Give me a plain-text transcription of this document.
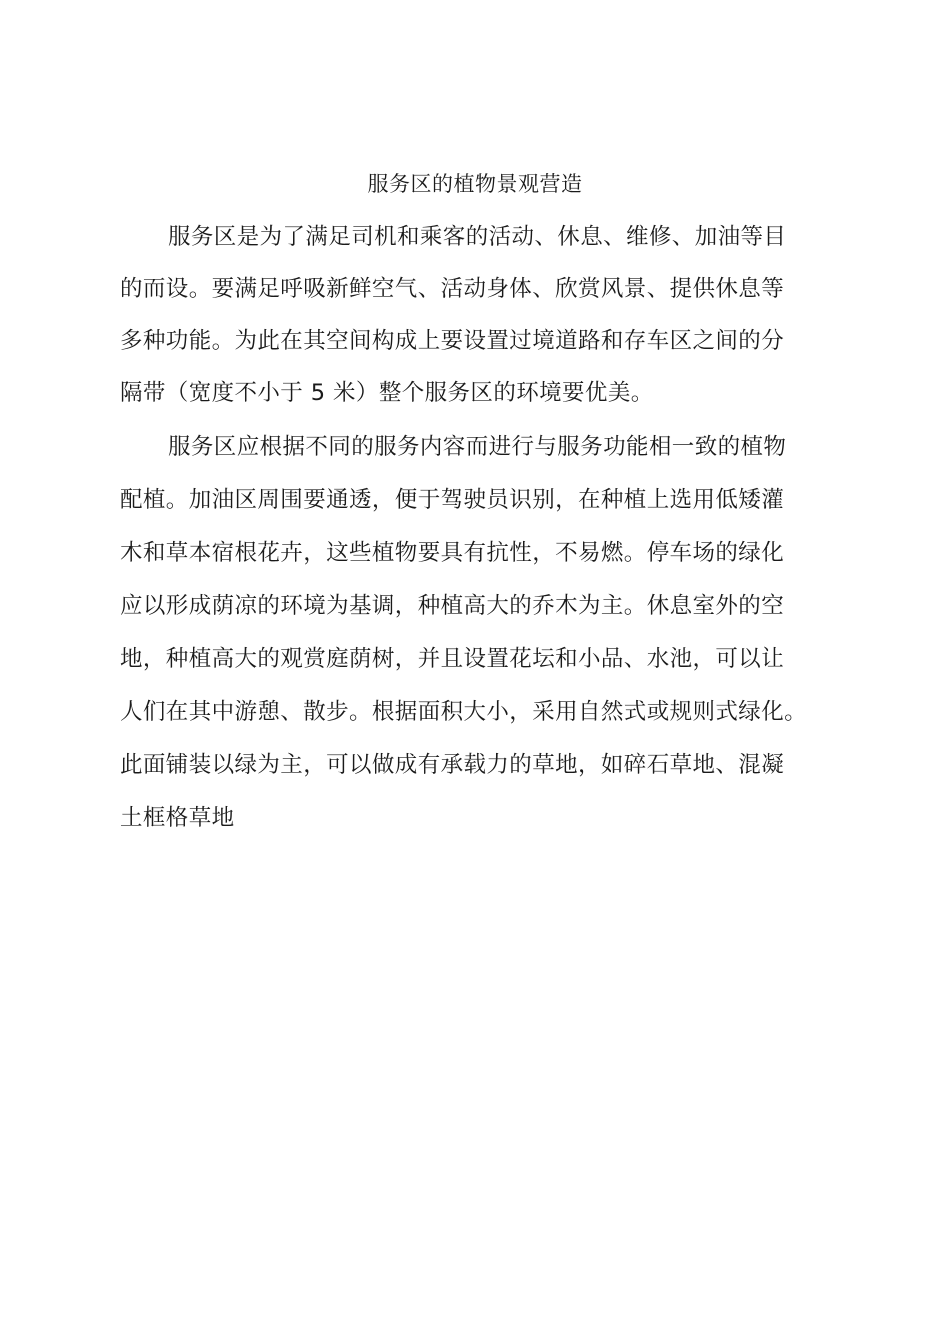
服务区的植物景观营造
服务区是为了满足司机和乘客的活动、休息、维修、加油等目
的而设。要满足呼吸新鲜空气、活动身体、欣赏风景、提供休息等
多种功能。为此在其空间构成上要设置过境道路和存车区之间的分
隔带（宽度不小于 5 米）整个服务区的环境要优美。
服务区应根据不同的服务内容而进行与服务功能相一致的植物
配植。加油区周围要通透，便于驾驶员识别，在种植上选用低矮灌
木和草本宿根花卉，这些植物要具有抗性，不易燃。停车场的绿化
应以形成荫凉的环境为基调，种植高大的乔木为主。休息室外的空
地，种植高大的观赏庭荫树，并且设置花坛和小品、水池，可以让
人们在其中游憩、散步。根据面积大小，采用自然式或规则式绿化。
此面铺装以绿为主，可以做成有承载力的草地，如碎石草地、混凝
土框格草地
